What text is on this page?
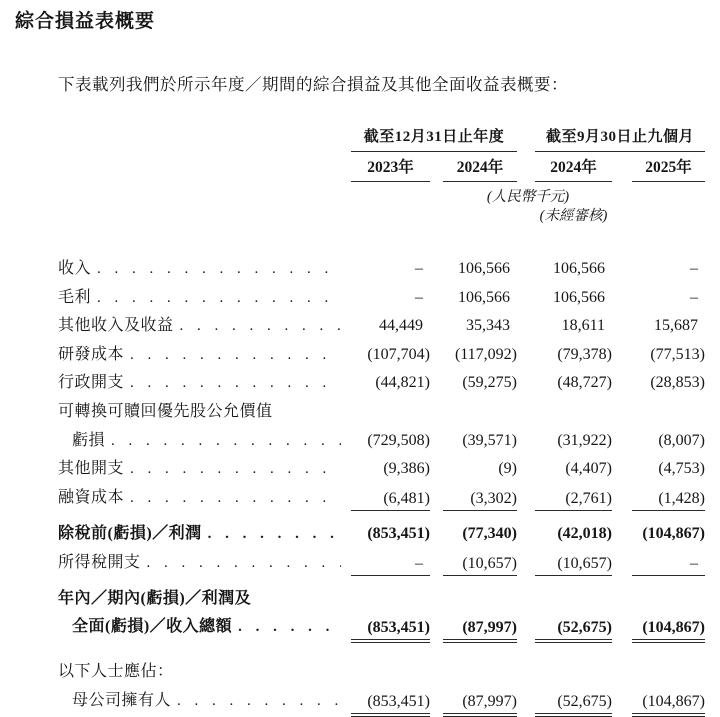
綜合損益表概要

下表載列我們於所示年度／期間的綜合損益及其他全面收益表概要：

截至12月31日止年度	截至9月30日止九個月
2023年	2024年	2024年	2025年
(人民幣千元)
(未經審核)
收入 . . .	–	106,566	106,566	–
毛利 . . .	–	106,566	106,566	–
其他收入及收益 . . .	44,449	35,343	18,611	15,687
研發成本 . . .	(107,704)	(117,092)	(79,378)	(77,513)
行政開支 . . .	(44,821)	(59,275)	(48,727)	(28,853)
可轉換可贖回優先股公允價值
虧損 . . .	(729,508)	(39,571)	(31,922)	(8,007)
其他開支 . . .	(9,386)	(9)	(4,407)	(4,753)
融資成本 . . .	(6,481)	(3,302)	(2,761)	(1,428)
除稅前(虧損)／利潤 . . .	(853,451)	(77,340)	(42,018)	(104,867)
所得稅開支 . . .	–	(10,657)	(10,657)	–
年內／期內(虧損)／利潤及
全面(虧損)／收入總額 . . .	(853,451)	(87,997)	(52,675)	(104,867)
以下人士應佔：
母公司擁有人 . . .	(853,451)	(87,997)	(52,675)	(104,867)
